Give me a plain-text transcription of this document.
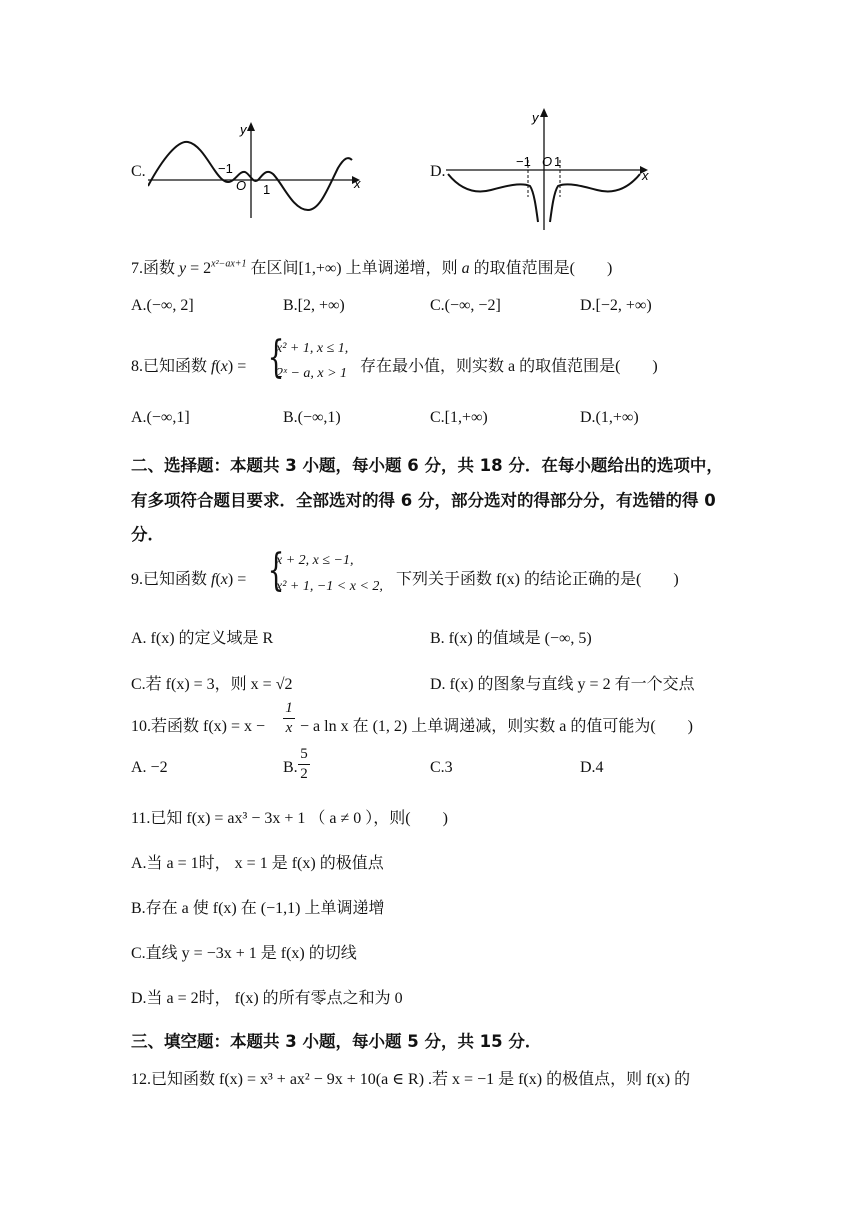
C.
x
y
O
−1
1
D.	x
y
O
−1 1
7.函数 $y = 2^{x^2-ax+1}$ 在区间[1,+∞) 上单调递增，则 a 的取值范围是(　　)
A.(−∞, 2]	B.[2, +∞)	C.(−∞, −2]	D.[−2, +∞)
8.已知函数 f(x) = {
x² + 1, x ≤ 1,
2ˣ − a, x > 1 存在最小值，则实数 a 的取值范围是(　　)
A.(−∞,1]	B.(−∞,1)	C.[1,+∞)	D.(1,+∞)
二、选择题：本题共 3 小题，每小题 6 分，共 18 分．在每小题给出的选项中，
有多项符合题目要求．全部选对的得 6 分，部分选对的得部分分，有选错的得 0
分．
9.已知函数 f(x) = {
x + 2, x ≤ −1,
x² + 1, −1 < x < 2, 下列关于函数 f(x) 的结论正确的是(　　)
A. f(x) 的定义域是 R	B. f(x) 的值域是 (−∞, 5)
C.若 f(x) = 3，则 x = √2	D. f(x) 的图象与直线 y = 2 有一个交点
10.若函数 f(x) = x −
1
x − a ln x 在 (1, 2) 上单调递减，则实数 a 的值可能为(　　)
A. −2	B.
5
2	C.3	D.4
11.已知 f(x) = ax³ − 3x + 1 （ a ≠ 0 ），则(　　)
A.当 a = 1时， x = 1 是 f(x) 的极值点
B.存在 a 使 f(x) 在 (−1,1) 上单调递增
C.直线 y = −3x + 1 是 f(x) 的切线
D.当 a = 2时， f(x) 的所有零点之和为 0
三、填空题：本题共 3 小题，每小题 5 分，共 15 分．
12.已知函数 f(x) = x³ + ax² − 9x + 10(a ∈ R) .若 x = −1 是 f(x) 的极值点，则 f(x) 的
